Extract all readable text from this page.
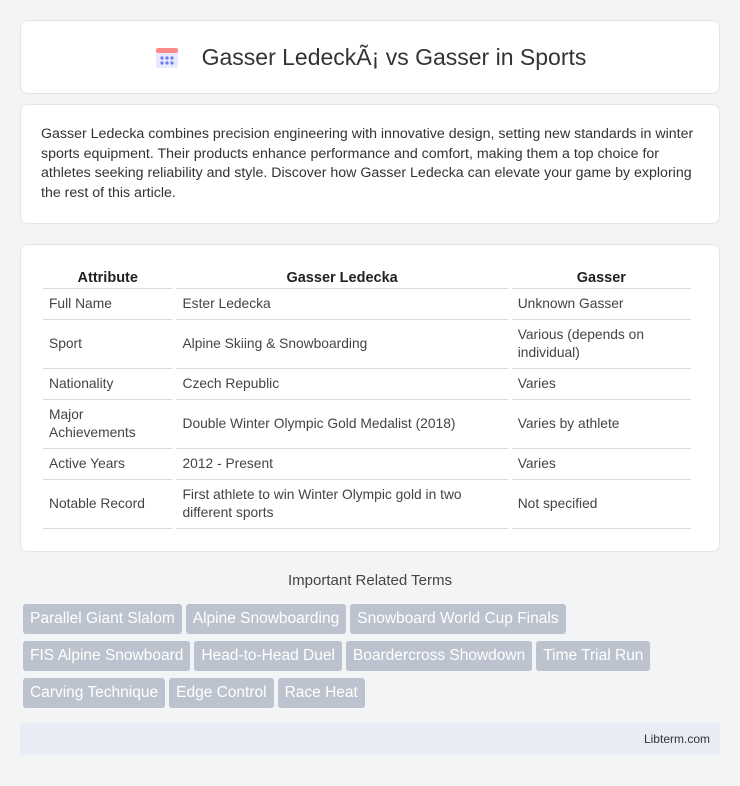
Gasser LedeckÃ¡ vs Gasser in Sports

Gasser Ledecka combines precision engineering with innovative design, setting new standards in winter sports equipment. Their products enhance performance and comfort, making them a top choice for athletes seeking reliability and style. Discover how Gasser Ledecka can elevate your game by exploring the rest of this article.

Attribute	Gasser Ledecka	Gasser
Full Name	Ester Ledecka	Unknown Gasser
Sport	Alpine Skiing & Snowboarding	Various (depends on individual)
Nationality	Czech Republic	Varies
Major Achievements	Double Winter Olympic Gold Medalist (2018)	Varies by athlete
Active Years	2012 - Present	Varies
Notable Record	First athlete to win Winter Olympic gold in two different sports	Not specified
Important Related Terms
Parallel Giant Slalom Alpine Snowboarding Snowboard World Cup Finals
FIS Alpine Snowboard Head-to-Head Duel Boardercross Showdown Time Trial Run
Carving Technique Edge Control Race Heat
Libterm.com
